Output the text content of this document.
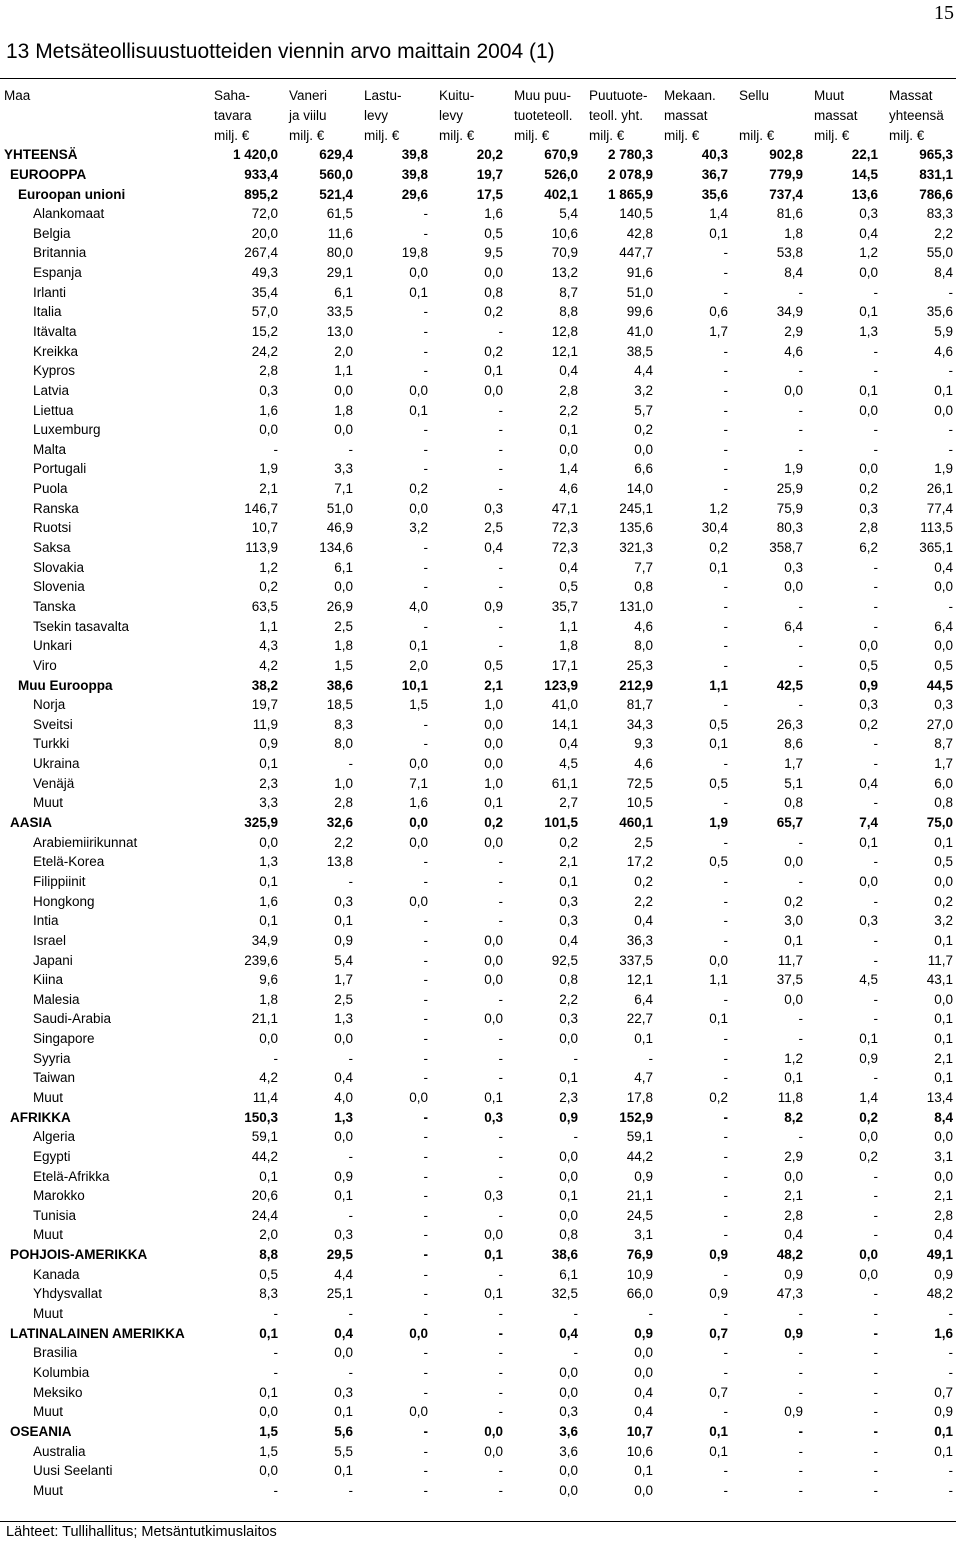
15
13 Metsäteollisuustuotteiden viennin arvo maittain 2004 (1)
Maa	Saha-	Vaneri	Lastu-	Kuitu-	Muu puu-	Puutuote-	Mekaan.	Sellu	Muut	Massat
	tavara	ja viilu	levy	levy	tuoteteoll.	teoll. yht.	massat		massat	yhteensä
	milj. €	milj. €	milj. €	milj. €	milj. €	milj. €	milj. €	milj. €	milj. €	milj. €
YHTEENSÄ	1 420,0	629,4	39,8	20,2	670,9	2 780,3	40,3	902,8	22,1	965,3
EUROOPPA	933,4	560,0	39,8	19,7	526,0	2 078,9	36,7	779,9	14,5	831,1
Euroopan unioni	895,2	521,4	29,6	17,5	402,1	1 865,9	35,6	737,4	13,6	786,6
Alankomaat	72,0	61,5	-	1,6	5,4	140,5	1,4	81,6	0,3	83,3
Belgia	20,0	11,6	-	0,5	10,6	42,8	0,1	1,8	0,4	2,2
Britannia	267,4	80,0	19,8	9,5	70,9	447,7	-	53,8	1,2	55,0
Espanja	49,3	29,1	0,0	0,0	13,2	91,6	-	8,4	0,0	8,4
Irlanti	35,4	6,1	0,1	0,8	8,7	51,0	-	-	-	-
Italia	57,0	33,5	-	0,2	8,8	99,6	0,6	34,9	0,1	35,6
Itävalta	15,2	13,0	-	-	12,8	41,0	1,7	2,9	1,3	5,9
Kreikka	24,2	2,0	-	0,2	12,1	38,5	-	4,6	-	4,6
Kypros	2,8	1,1	-	0,1	0,4	4,4	-	-	-	-
Latvia	0,3	0,0	0,0	0,0	2,8	3,2	-	0,0	0,1	0,1
Liettua	1,6	1,8	0,1	-	2,2	5,7	-	-	0,0	0,0
Luxemburg	0,0	0,0	-	-	0,1	0,2	-	-	-	-
Malta	-	-	-	-	0,0	0,0	-	-	-	-
Portugali	1,9	3,3	-	-	1,4	6,6	-	1,9	0,0	1,9
Puola	2,1	7,1	0,2	-	4,6	14,0	-	25,9	0,2	26,1
Ranska	146,7	51,0	0,0	0,3	47,1	245,1	1,2	75,9	0,3	77,4
Ruotsi	10,7	46,9	3,2	2,5	72,3	135,6	30,4	80,3	2,8	113,5
Saksa	113,9	134,6	-	0,4	72,3	321,3	0,2	358,7	6,2	365,1
Slovakia	1,2	6,1	-	-	0,4	7,7	0,1	0,3	-	0,4
Slovenia	0,2	0,0	-	-	0,5	0,8	-	0,0	-	0,0
Tanska	63,5	26,9	4,0	0,9	35,7	131,0	-	-	-	-
Tsekin tasavalta	1,1	2,5	-	-	1,1	4,6	-	6,4	-	6,4
Unkari	4,3	1,8	0,1	-	1,8	8,0	-	-	0,0	0,0
Viro	4,2	1,5	2,0	0,5	17,1	25,3	-	-	0,5	0,5
Muu Eurooppa	38,2	38,6	10,1	2,1	123,9	212,9	1,1	42,5	0,9	44,5
Norja	19,7	18,5	1,5	1,0	41,0	81,7	-	-	0,3	0,3
Sveitsi	11,9	8,3	-	0,0	14,1	34,3	0,5	26,3	0,2	27,0
Turkki	0,9	8,0	-	0,0	0,4	9,3	0,1	8,6	-	8,7
Ukraina	0,1	-	0,0	0,0	4,5	4,6	-	1,7	-	1,7
Venäjä	2,3	1,0	7,1	1,0	61,1	72,5	0,5	5,1	0,4	6,0
Muut	3,3	2,8	1,6	0,1	2,7	10,5	-	0,8	-	0,8
AASIA	325,9	32,6	0,0	0,2	101,5	460,1	1,9	65,7	7,4	75,0
Arabiemiirikunnat	0,0	2,2	0,0	0,0	0,2	2,5	-	-	0,1	0,1
Etelä-Korea	1,3	13,8	-	-	2,1	17,2	0,5	0,0	-	0,5
Filippiinit	0,1	-	-	-	0,1	0,2	-	-	0,0	0,0
Hongkong	1,6	0,3	0,0	-	0,3	2,2	-	0,2	-	0,2
Intia	0,1	0,1	-	-	0,3	0,4	-	3,0	0,3	3,2
Israel	34,9	0,9	-	0,0	0,4	36,3	-	0,1	-	0,1
Japani	239,6	5,4	-	0,0	92,5	337,5	0,0	11,7	-	11,7
Kiina	9,6	1,7	-	0,0	0,8	12,1	1,1	37,5	4,5	43,1
Malesia	1,8	2,5	-	-	2,2	6,4	-	0,0	-	0,0
Saudi-Arabia	21,1	1,3	-	0,0	0,3	22,7	0,1	-	-	0,1
Singapore	0,0	0,0	-	-	0,0	0,1	-	-	0,1	0,1
Syyria	-	-	-	-	-	-	-	1,2	0,9	2,1
Taiwan	4,2	0,4	-	-	0,1	4,7	-	0,1	-	0,1
Muut	11,4	4,0	0,0	0,1	2,3	17,8	0,2	11,8	1,4	13,4
AFRIKKA	150,3	1,3	-	0,3	0,9	152,9	-	8,2	0,2	8,4
Algeria	59,1	0,0	-	-	-	59,1	-	-	0,0	0,0
Egypti	44,2	-	-	-	0,0	44,2	-	2,9	0,2	3,1
Etelä-Afrikka	0,1	0,9	-	-	0,0	0,9	-	0,0	-	0,0
Marokko	20,6	0,1	-	0,3	0,1	21,1	-	2,1	-	2,1
Tunisia	24,4	-	-	-	0,0	24,5	-	2,8	-	2,8
Muut	2,0	0,3	-	0,0	0,8	3,1	-	0,4	-	0,4
POHJOIS-AMERIKKA	8,8	29,5	-	0,1	38,6	76,9	0,9	48,2	0,0	49,1
Kanada	0,5	4,4	-	-	6,1	10,9	-	0,9	0,0	0,9
Yhdysvallat	8,3	25,1	-	0,1	32,5	66,0	0,9	47,3	-	48,2
Muut	-	-	-	-	-	-	-	-	-	-
LATINALAINEN AMERIKKA	0,1	0,4	0,0	-	0,4	0,9	0,7	0,9	-	1,6
Brasilia	-	0,0	-	-	-	0,0	-	-	-	-
Kolumbia	-	-	-	-	0,0	0,0	-	-	-	-
Meksiko	0,1	0,3	-	-	0,0	0,4	0,7	-	-	0,7
Muut	0,0	0,1	0,0	-	0,3	0,4	-	0,9	-	0,9
OSEANIA	1,5	5,6	-	0,0	3,6	10,7	0,1	-	-	0,1
Australia	1,5	5,5	-	0,0	3,6	10,6	0,1	-	-	0,1
Uusi Seelanti	0,0	0,1	-	-	0,0	0,1	-	-	-	-
Muut	-	-	-	-	0,0	0,0	-	-	-	-
Lähteet: Tullihallitus; Metsäntutkimuslaitos
